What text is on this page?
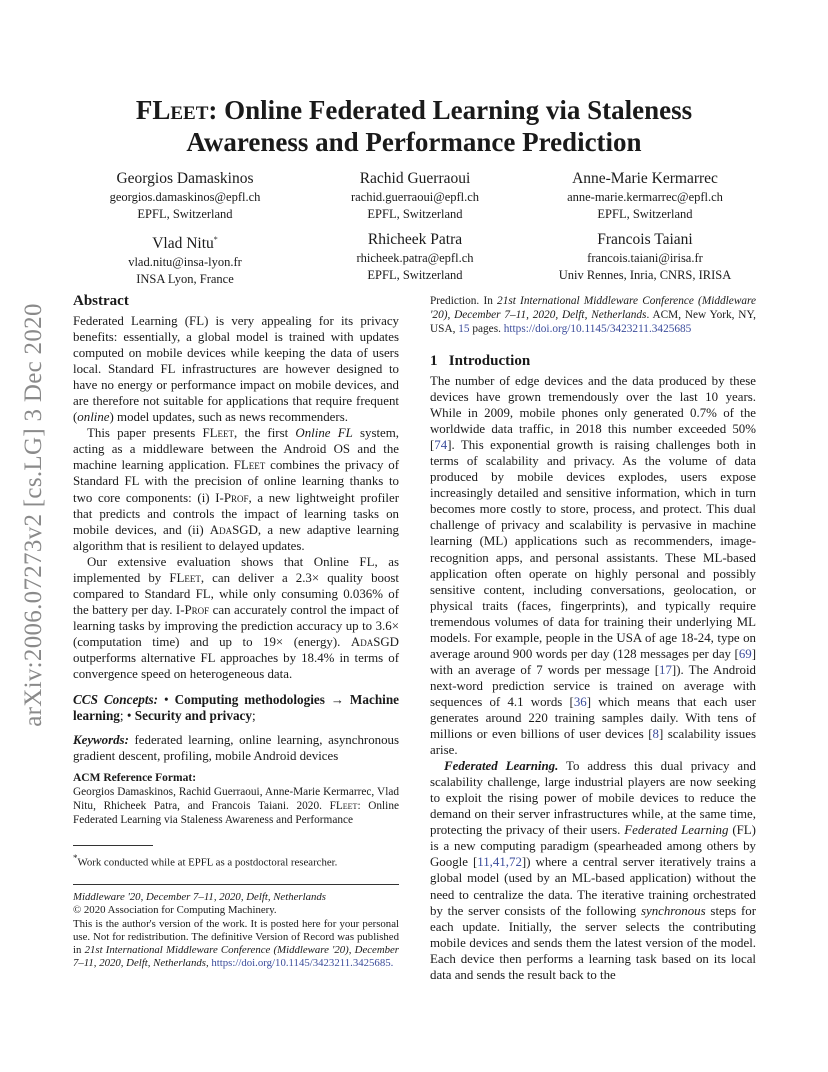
FLeet: Online Federated Learning via Staleness
Awareness and Performance Prediction
Georgios Damaskinos
georgios.damaskinos@epfl.ch
EPFL, Switzerland
Rachid Guerraoui
rachid.guerraoui@epfl.ch
EPFL, Switzerland
Anne-Marie Kermarrec
anne-marie.kermarrec@epfl.ch
EPFL, Switzerland
Vlad Nitu*
vlad.nitu@insa-lyon.fr
INSA Lyon, France
Rhicheek Patra
rhicheek.patra@epfl.ch
EPFL, Switzerland
Francois Taiani
francois.taiani@irisa.fr
Univ Rennes, Inria, CNRS, IRISA
arXiv:2006.07273v2 [cs.LG] 3 Dec 2020
Abstract

Federated Learning (FL) is very appealing for its privacy benefits: essentially, a global model is trained with updates computed on mobile devices while keeping the data of users local. Standard FL infrastructures are however designed to have no energy or performance impact on mobile devices, and are therefore not suitable for applications that require frequent (online) model updates, such as news recommenders.

This paper presents FLeet, the first Online FL system, acting as a middleware between the Android OS and the machine learning application. FLeet combines the privacy of Standard FL with the precision of online learning thanks to two core components: (i) I-Prof, a new lightweight profiler that predicts and controls the impact of learning tasks on mobile devices, and (ii) AdaSGD, a new adaptive learning algorithm that is resilient to delayed updates.

Our extensive evaluation shows that Online FL, as implemented by FLeet, can deliver a 2.3× quality boost compared to Standard FL, while only consuming 0.036% of the battery per day. I-Prof can accurately control the impact of learning tasks by improving the prediction accuracy up to 3.6× (computation time) and up to 19× (energy). AdaSGD outperforms alternative FL approaches by 18.4% in terms of convergence speed on heterogeneous data.

CCS Concepts: • Computing methodologies → Machine learning; • Security and privacy;

Keywords: federated learning, online learning, asynchronous gradient descent, profiling, mobile Android devices

ACM Reference Format:
Georgios Damaskinos, Rachid Guerraoui, Anne-Marie Kermarrec, Vlad Nitu, Rhicheek Patra, and Francois Taiani. 2020. FLeet: Online Federated Learning via Staleness Awareness and Performance
*Work conducted while at EPFL as a postdoctoral researcher.
Middleware '20, December 7–11, 2020, Delft, Netherlands
© 2020 Association for Computing Machinery.
This is the author's version of the work. It is posted here for your personal use. Not for redistribution. The definitive Version of Record was published in 21st International Middleware Conference (Middleware '20), December 7–11, 2020, Delft, Netherlands, https://doi.org/10.1145/3423211.3425685.
Prediction. In 21st International Middleware Conference (Middleware '20), December 7–11, 2020, Delft, Netherlands. ACM, New York, NY, USA, 15 pages. https://doi.org/10.1145/3423211.3425685
1 Introduction

The number of edge devices and the data produced by these devices have grown tremendously over the last 10 years. While in 2009, mobile phones only generated 0.7% of the worldwide data traffic, in 2018 this number exceeded 50% [74]. This exponential growth is raising challenges both in terms of scalability and privacy. As the volume of data produced by mobile devices explodes, users expose increasingly detailed and sensitive information, which in turn becomes more costly to store, process, and protect. This dual challenge of privacy and scalability is pervasive in machine learning (ML) applications such as recommenders, image-recognition apps, and personal assistants. These ML-based application often operate on highly personal and possibly sensitive content, including conversations, geolocation, or physical traits (faces, fingerprints), and typically require tremendous volumes of data for training their underlying ML models. For example, people in the USA of age 18-24, type on average around 900 words per day (128 messages per day [69] with an average of 7 words per message [17]). The Android next-word prediction service is trained on average with sequences of 4.1 words [36] which means that each user generates around 220 training samples daily. With tens of millions or even billions of user devices [8] scalability issues arise.

Federated Learning. To address this dual privacy and scalability challenge, large industrial players are now seeking to exploit the rising power of mobile devices to reduce the demand on their server infrastructures while, at the same time, protecting the privacy of their users. Federated Learning (FL) is a new computing paradigm (spearheaded among others by Google [11,41,72]) where a central server iteratively trains a global model (used by an ML-based application) without the need to centralize the data. The iterative training orchestrated by the server consists of the following synchronous steps for each update. Initially, the server selects the contributing mobile devices and sends them the latest version of the model. Each device then performs a learning task based on its local data and sends the result back to the
